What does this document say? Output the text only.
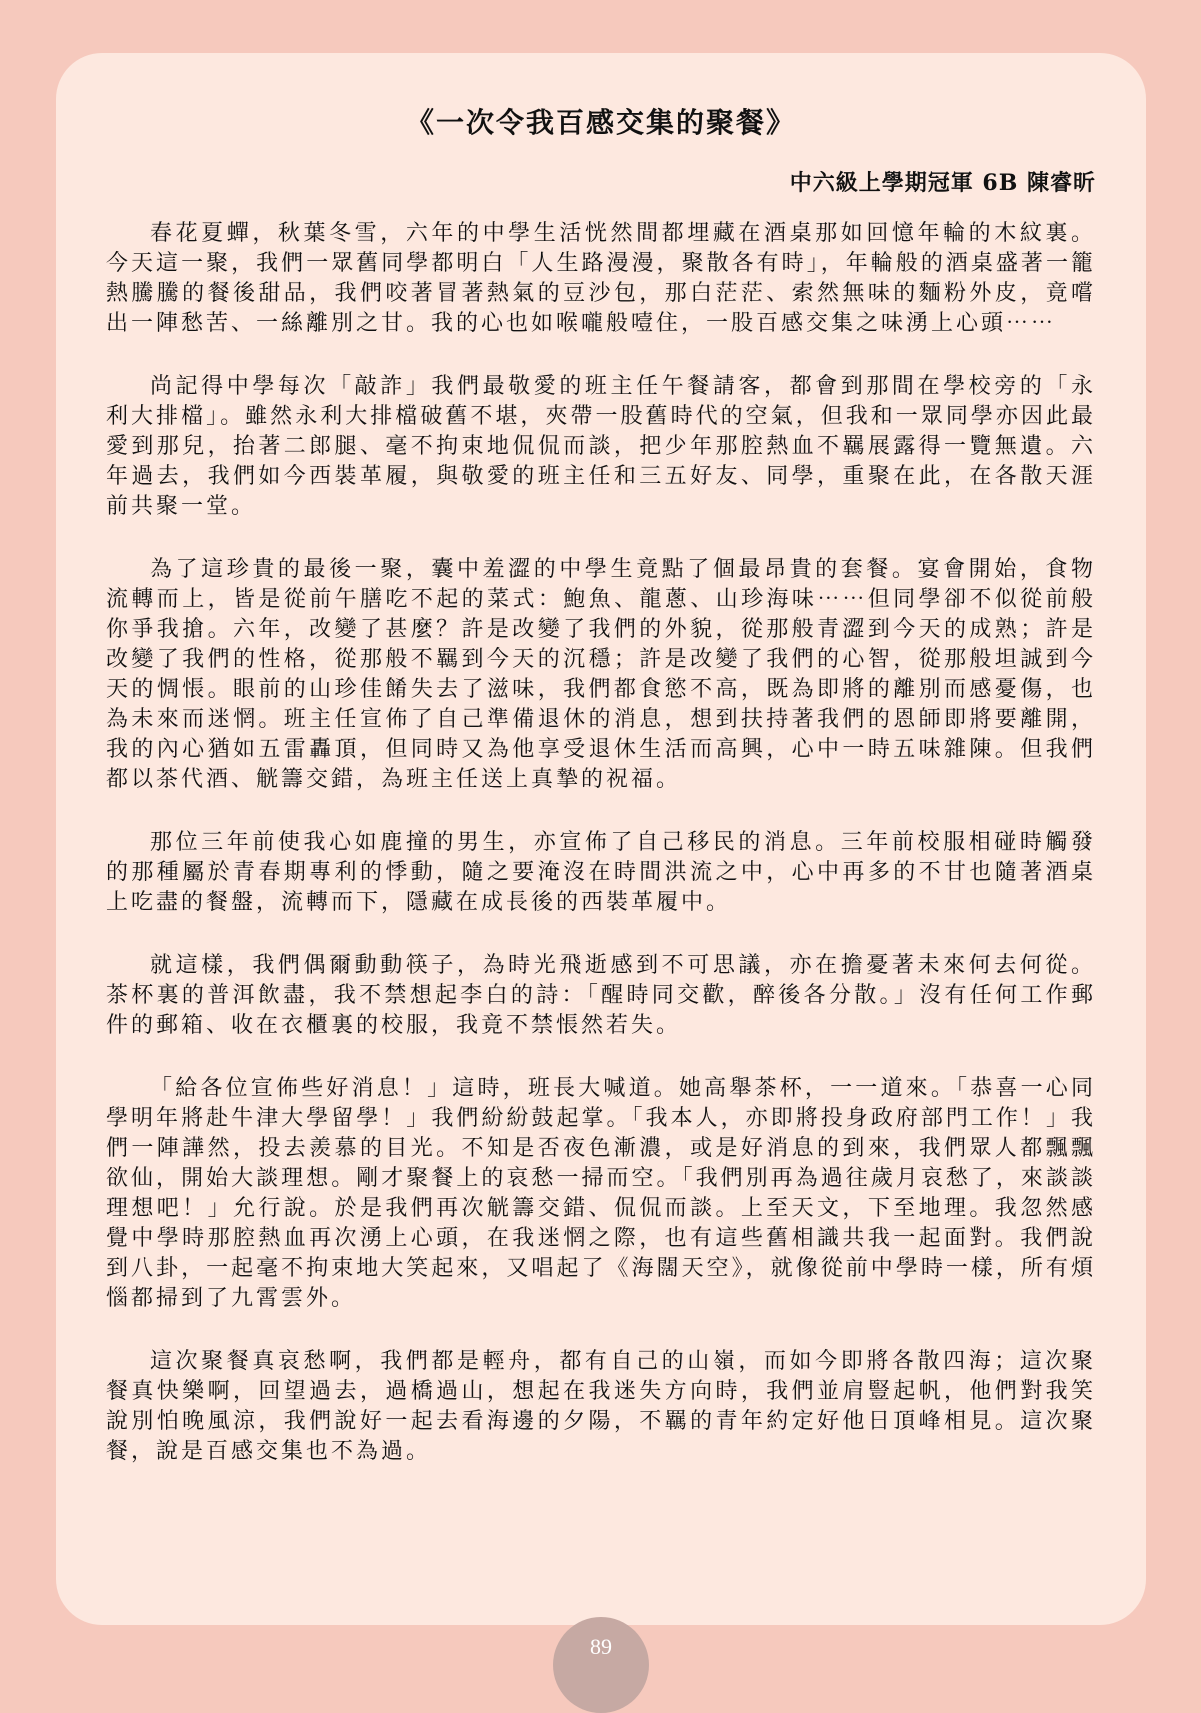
《一次令我百感交集的聚餐》

中六級上學期冠軍 6B 陳睿昕

春花夏蟬，秋葉冬雪，六年的中學生活恍然間都埋藏在酒桌那如回憶年輪的木紋裏。今天這一聚，我們一眾舊同學都明白「人生路漫漫，聚散各有時」，年輪般的酒桌盛著一籠熱騰騰的餐後甜品，我們咬著冒著熱氣的豆沙包，那白茫茫、索然無味的麵粉外皮，竟嚐出一陣愁苦、一絲離別之甘。我的心也如喉嚨般噎住，一股百感交集之味湧上心頭⋯⋯

尚記得中學每次「敲詐」我們最敬愛的班主任午餐請客，都會到那間在學校旁的「永利大排檔」。雖然永利大排檔破舊不堪，夾帶一股舊時代的空氣，但我和一眾同學亦因此最愛到那兒，抬著二郎腿、毫不拘束地侃侃而談，把少年那腔熱血不羈展露得一覽無遺。六年過去，我們如今西裝革履，與敬愛的班主任和三五好友、同學，重聚在此，在各散天涯前共聚一堂。

為了這珍貴的最後一聚，囊中羞澀的中學生竟點了個最昂貴的套餐。宴會開始，食物流轉而上，皆是從前午膳吃不起的菜式：鮑魚、龍蔥、山珍海味⋯⋯但同學卻不似從前般你爭我搶。六年，改變了甚麼？許是改變了我們的外貌，從那般青澀到今天的成熟；許是改變了我們的性格，從那般不羈到今天的沉穩；許是改變了我們的心智，從那般坦誠到今天的惆悵。眼前的山珍佳餚失去了滋味，我們都食慾不高，既為即將的離別而感憂傷，也為未來而迷惘。班主任宣佈了自己準備退休的消息，想到扶持著我們的恩師即將要離開，我的內心猶如五雷轟頂，但同時又為他享受退休生活而高興，心中一時五味雜陳。但我們都以茶代酒、觥籌交錯，為班主任送上真摯的祝福。

那位三年前使我心如鹿撞的男生，亦宣佈了自己移民的消息。三年前校服相碰時觸發的那種屬於青春期專利的悸動，隨之要淹沒在時間洪流之中，心中再多的不甘也隨著酒桌上吃盡的餐盤，流轉而下，隱藏在成長後的西裝革履中。

就這樣，我們偶爾動動筷子，為時光飛逝感到不可思議，亦在擔憂著未來何去何從。茶杯裏的普洱飲盡，我不禁想起李白的詩：「醒時同交歡，醉後各分散。」沒有任何工作郵件的郵箱、收在衣櫃裏的校服，我竟不禁悵然若失。

「給各位宣佈些好消息！」這時，班長大喊道。她高舉茶杯，一一道來。「恭喜一心同學明年將赴牛津大學留學！」我們紛紛鼓起掌。「我本人，亦即將投身政府部門工作！」我們一陣譁然，投去羨慕的目光。不知是否夜色漸濃，或是好消息的到來，我們眾人都飄飄欲仙，開始大談理想。剛才聚餐上的哀愁一掃而空。「我們別再為過往歲月哀愁了，來談談理想吧！」允行說。於是我們再次觥籌交錯、侃侃而談。上至天文，下至地理。我忽然感覺中學時那腔熱血再次湧上心頭，在我迷惘之際，也有這些舊相識共我一起面對。我們說到八卦，一起毫不拘束地大笑起來，又唱起了《海闊天空》，就像從前中學時一樣，所有煩惱都掃到了九霄雲外。

這次聚餐真哀愁啊，我們都是輕舟，都有自己的山嶺，而如今即將各散四海；這次聚餐真快樂啊，回望過去，過橋過山，想起在我迷失方向時，我們並肩豎起帆，他們對我笑說別怕晚風涼，我們說好一起去看海邊的夕陽，不羈的青年約定好他日頂峰相見。這次聚餐，說是百感交集也不為過。

89
